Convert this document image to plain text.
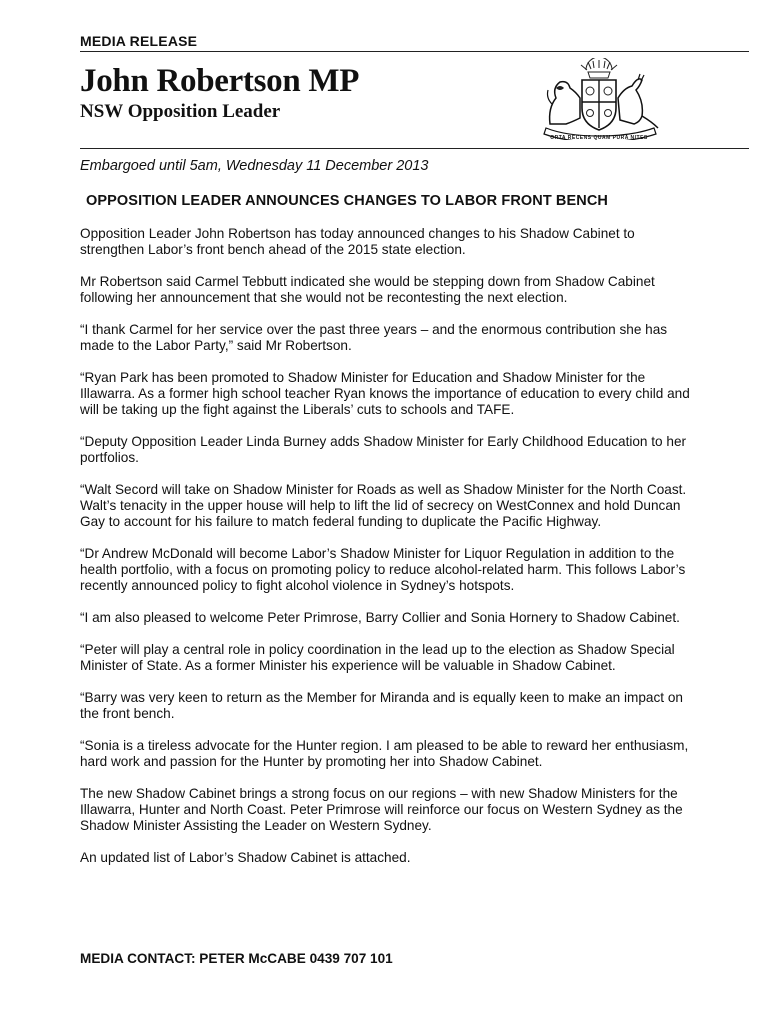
MEDIA RELEASE
John Robertson MP
NSW Opposition Leader
ORTA RECENS QUAM PURA NITES
Embargoed until 5am, Wednesday 11 December 2013
OPPOSITION LEADER ANNOUNCES CHANGES TO LABOR FRONT BENCH

Opposition Leader John Robertson has today announced changes to his Shadow Cabinet to strengthen Labor’s front bench ahead of the 2015 state election.

Mr Robertson said Carmel Tebbutt indicated she would be stepping down from Shadow Cabinet following her announcement that she would not be recontesting the next election.

“I thank Carmel for her service over the past three years – and the enormous contribution she has made to the Labor Party,” said Mr Robertson.

“Ryan Park has been promoted to Shadow Minister for Education and Shadow Minister for the Illawarra. As a former high school teacher Ryan knows the importance of education to every child and will be taking up the fight against the Liberals’ cuts to schools and TAFE.

“Deputy Opposition Leader Linda Burney adds Shadow Minister for Early Childhood Education to her portfolios.

“Walt Secord will take on Shadow Minister for Roads as well as Shadow Minister for the North Coast. Walt’s tenacity in the upper house will help to lift the lid of secrecy on WestConnex and hold Duncan Gay to account for his failure to match federal funding to duplicate the Pacific Highway.

“Dr Andrew McDonald will become Labor’s Shadow Minister for Liquor Regulation in addition to the health portfolio, with a focus on promoting policy to reduce alcohol-related harm. This follows Labor’s recently announced policy to fight alcohol violence in Sydney’s hotspots.

“I am also pleased to welcome Peter Primrose, Barry Collier and Sonia Hornery to Shadow Cabinet.

“Peter will play a central role in policy coordination in the lead up to the election as Shadow Special Minister of State. As a former Minister his experience will be valuable in Shadow Cabinet.

“Barry was very keen to return as the Member for Miranda and is equally keen to make an impact on the front bench.

“Sonia is a tireless advocate for the Hunter region. I am pleased to be able to reward her enthusiasm, hard work and passion for the Hunter by promoting her into Shadow Cabinet.

The new Shadow Cabinet brings a strong focus on our regions – with new Shadow Ministers for the Illawarra, Hunter and North Coast. Peter Primrose will reinforce our focus on Western Sydney as the Shadow Minister Assisting the Leader on Western Sydney.

An updated list of Labor’s Shadow Cabinet is attached.

MEDIA CONTACT: PETER McCABE 0439 707 101
